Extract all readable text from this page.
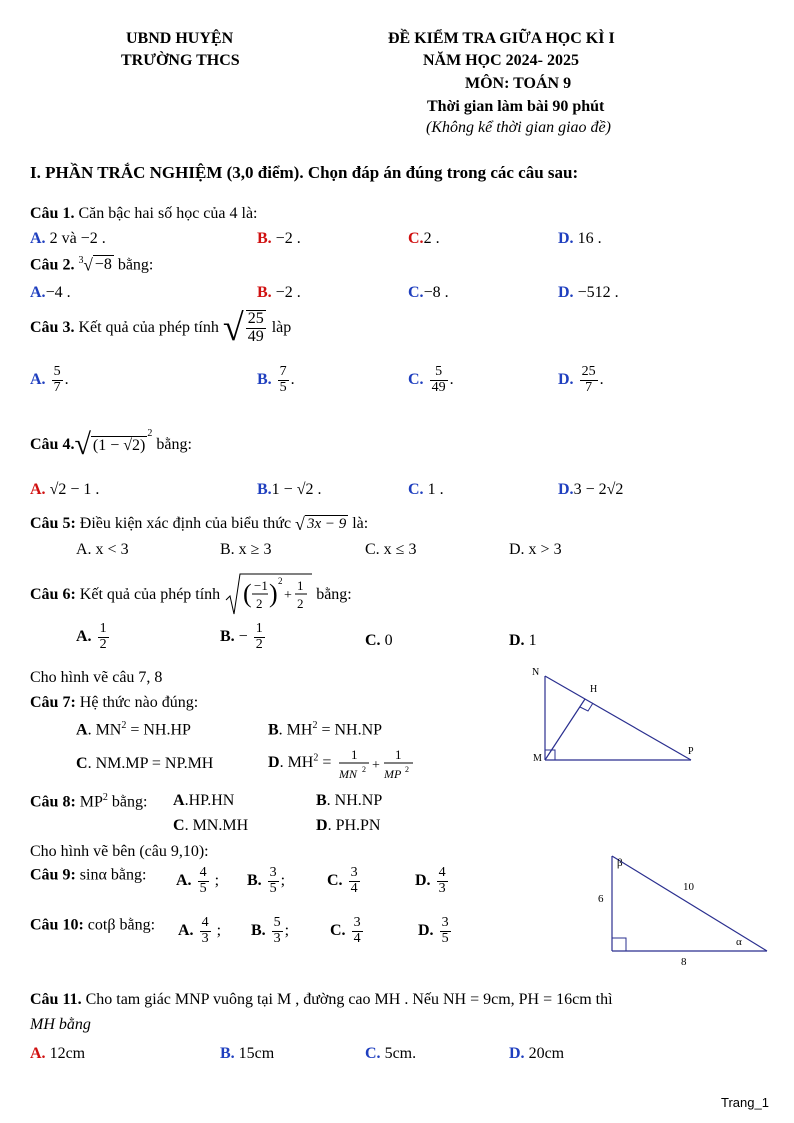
UBND HUYỆN
TRƯỜNG THCS
ĐỀ KIỂM TRA GIỮA HỌC KÌ I
NĂM HỌC 2024- 2025
MÔN: TOÁN 9
Thời gian làm bài 90 phút
(Không kể thời gian giao đề)
I. PHẦN TRẮC NGHIỆM (3,0 điểm). Chọn đáp án đúng trong các câu sau:
Câu 1. Căn bậc hai số học của 4 là:
A. 2 và −2 .	B. −2 .	C.2 .	D. 16 .
Câu 2. $^3$√ −8 bằng:
A.−4 .	B. −2 .	C.−8 .	D. −512 .
Câu 3. Kết quả của phép tính √ $\frac{25}{49}$ làp
A. $\frac{5}{7}$ .	B. $\frac{7}{5}$ .	C. $\frac{5}{49}$ .	D. $\frac{25}{7}$ .
Câu 4.√ $(1 - √2)^2$ bằng:
A. √2 − 1 .	B.1 − √2 .	C. 1 .	D.3 − 2√2
Câu 5: Điều kiện xác định của biểu thức √ 3x − 9 là:
A. x < 3	B. x ≥ 3	C. x ≤ 3	D. x > 3
Câu 6: Kết quả của phép tính ( −1
2 ) 2
+
1
2
bằng:
A. $\frac{1}{2}$	B. − $\frac{1}{2}$	C. 0	D. 1
Cho hình vẽ câu 7, 8
Câu 7: Hệ thức nào đúng:
A. $MN^2 = NH.HP$	B. $MH^2 = NH.NP$
C. NM.MP = NP.MH	D. $MH^2 = 1$
MN 2 +
1
MP 2
N
H
M
P
Câu 8: $MP^2$ bằng: A.HP.HN	B. NH.NP
C. MN.MH	D. PH.PN
Cho hình vẽ bên (câu 9,10):
Câu 9: sinα bằng: A. $\frac{4}{5}$ ; B. $\frac{3}{5}$ ;	C. $\frac{3}{4}$	D. $\frac{4}{3}$
Câu 10: cotβ bằng: A. $\frac{4}{3}$ ; B. $\frac{5}{3}$ ;	C. $\frac{3}{4}$	D. $\frac{3}{5}$
β
α
6
10
8
Câu 11. Cho tam giác MNP vuông tại M , đường cao MH . Nếu NH = 9cm, PH = 16cm thì
MH bằng
A. 12cm	B. 15cm	C. 5cm.	D. 20cm
Trang_1
